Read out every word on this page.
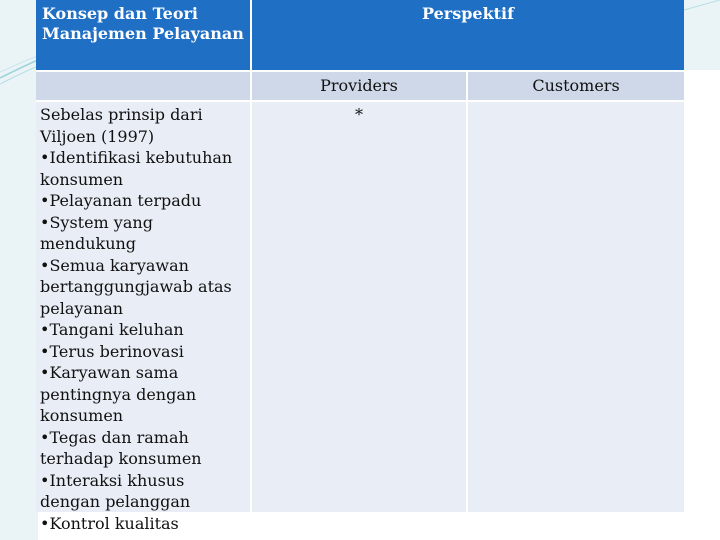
Konsep dan Teori Manajemen Pelayanan
Perspektif
Providers	Customers
Sebelas prinsip dari Viljoen (1997)
•Identifikasi kebutuhan konsumen
•Pelayanan terpadu
•System yang mendukung
•Semua karyawan bertanggungjawab atas pelayanan
•Tangani keluhan
•Terus berinovasi
•Karyawan sama pentingnya dengan konsumen
•Tegas dan ramah terhadap konsumen
•Interaksi khusus dengan pelanggan
•Kontrol kualitas
*
